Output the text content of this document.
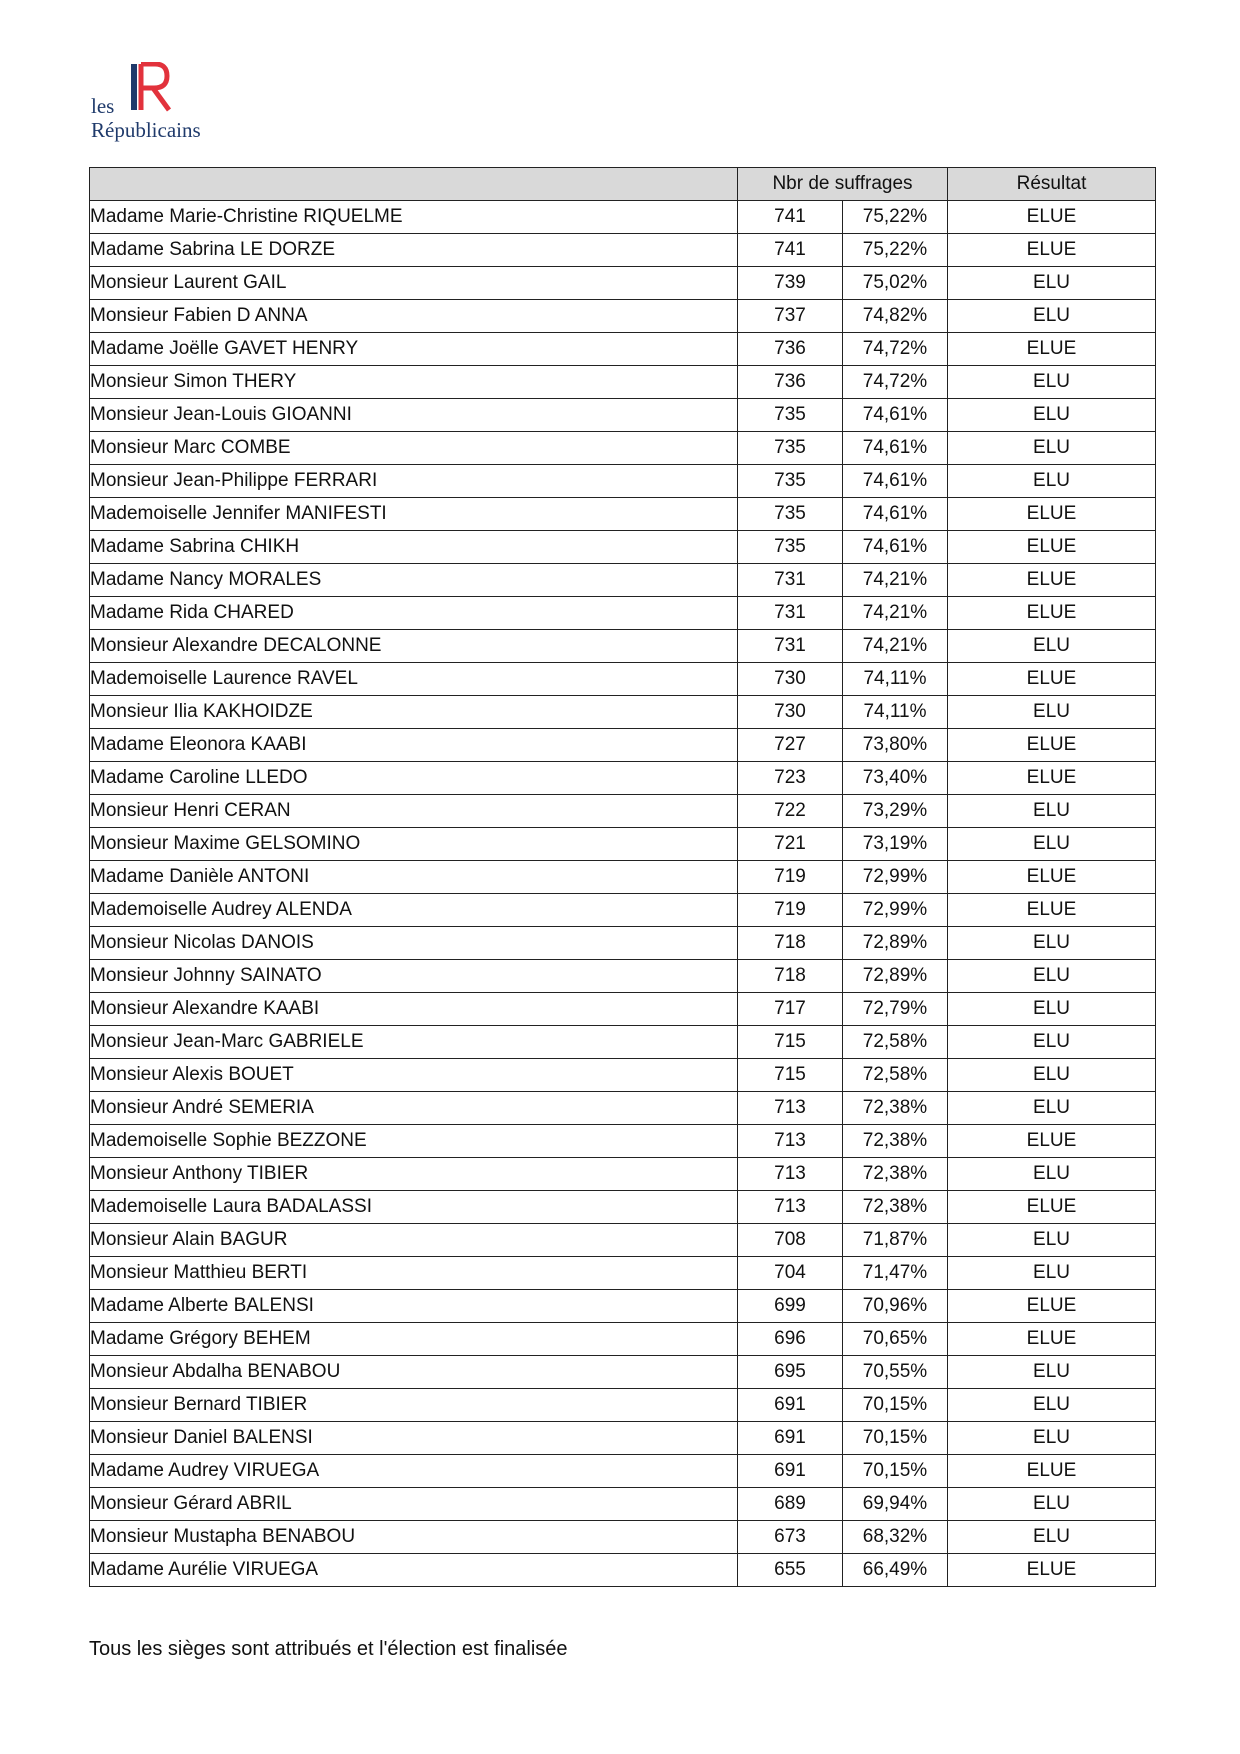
les
Républicains
	Nbr de suffrages		Résultat
Madame Marie-Christine RIQUELME	741	75,22%	ELUE
Madame Sabrina LE DORZE	741	75,22%	ELUE
Monsieur Laurent GAIL	739	75,02%	ELU
Monsieur Fabien D ANNA	737	74,82%	ELU
Madame Joëlle GAVET HENRY	736	74,72%	ELUE
Monsieur Simon THERY	736	74,72%	ELU
Monsieur Jean-Louis GIOANNI	735	74,61%	ELU
Monsieur Marc COMBE	735	74,61%	ELU
Monsieur Jean-Philippe FERRARI	735	74,61%	ELU
Mademoiselle Jennifer MANIFESTI	735	74,61%	ELUE
Madame Sabrina CHIKH	735	74,61%	ELUE
Madame Nancy MORALES	731	74,21%	ELUE
Madame Rida CHARED	731	74,21%	ELUE
Monsieur Alexandre DECALONNE	731	74,21%	ELU
Mademoiselle Laurence RAVEL	730	74,11%	ELUE
Monsieur Ilia KAKHOIDZE	730	74,11%	ELU
Madame Eleonora KAABI	727	73,80%	ELUE
Madame Caroline LLEDO	723	73,40%	ELUE
Monsieur Henri CERAN	722	73,29%	ELU
Monsieur Maxime GELSOMINO	721	73,19%	ELU
Madame Danièle ANTONI	719	72,99%	ELUE
Mademoiselle Audrey ALENDA	719	72,99%	ELUE
Monsieur Nicolas DANOIS	718	72,89%	ELU
Monsieur Johnny SAINATO	718	72,89%	ELU
Monsieur Alexandre KAABI	717	72,79%	ELU
Monsieur Jean-Marc GABRIELE	715	72,58%	ELU
Monsieur Alexis BOUET	715	72,58%	ELU
Monsieur André SEMERIA	713	72,38%	ELU
Mademoiselle Sophie BEZZONE	713	72,38%	ELUE
Monsieur Anthony TIBIER	713	72,38%	ELU
Mademoiselle Laura BADALASSI	713	72,38%	ELUE
Monsieur Alain BAGUR	708	71,87%	ELU
Monsieur Matthieu BERTI	704	71,47%	ELU
Madame Alberte BALENSI	699	70,96%	ELUE
Madame Grégory BEHEM	696	70,65%	ELUE
Monsieur Abdalha BENABOU	695	70,55%	ELU
Monsieur Bernard TIBIER	691	70,15%	ELU
Monsieur Daniel BALENSI	691	70,15%	ELU
Madame Audrey VIRUEGA	691	70,15%	ELUE
Monsieur Gérard ABRIL	689	69,94%	ELU
Monsieur Mustapha BENABOU	673	68,32%	ELU
Madame Aurélie VIRUEGA	655	66,49%	ELUE
Tous les sièges sont attribués et l'élection est finalisée
